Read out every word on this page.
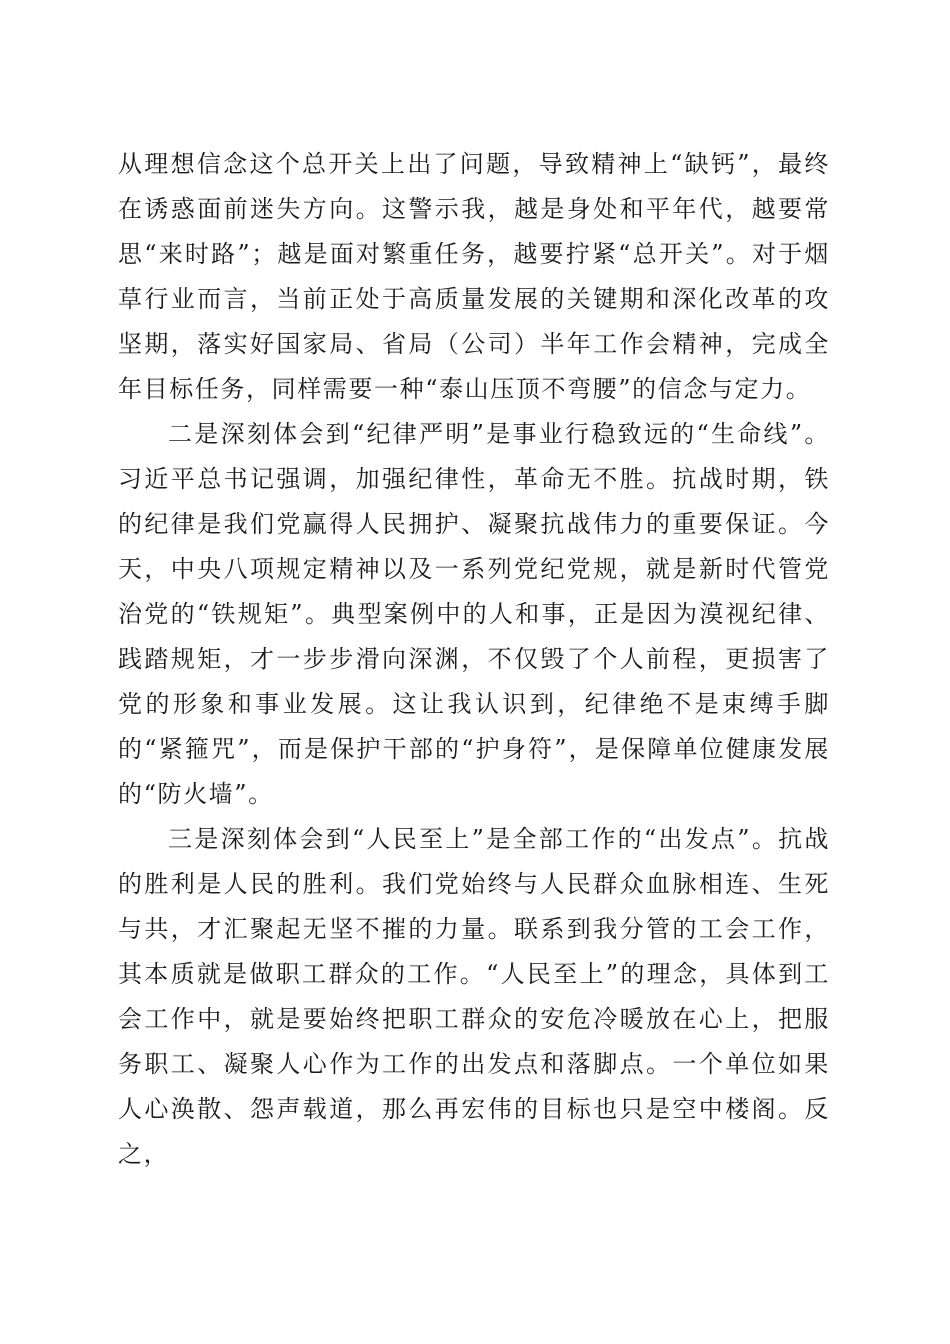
从理想信念这个总开关上出了问题，导致精神上“缺钙”，最终在诱惑面前迷失方向。这警示我，越是身处和平年代，越要常思“来时路”；越是面对繁重任务，越要拧紧“总开关”。对于烟草行业而言，当前正处于高质量发展的关键期和深化改革的攻坚期，落实好国家局、省局（公司）半年工作会精神，完成全年目标任务，同样需要一种“泰山压顶不弯腰”的信念与定力。

二是深刻体会到“纪律严明”是事业行稳致远的“生命线”。习近平总书记强调，加强纪律性，革命无不胜。抗战时期，铁的纪律是我们党赢得人民拥护、凝聚抗战伟力的重要保证。今天，中央八项规定精神以及一系列党纪党规，就是新时代管党治党的“铁规矩”。典型案例中的人和事，正是因为漠视纪律、践踏规矩，才一步步滑向深渊，不仅毁了个人前程，更损害了党的形象和事业发展。这让我认识到，纪律绝不是束缚手脚的“紧箍咒”，而是保护干部的“护身符”，是保障单位健康发展的“防火墙”。

三是深刻体会到“人民至上”是全部工作的“出发点”。抗战的胜利是人民的胜利。我们党始终与人民群众血脉相连、生死与共，才汇聚起无坚不摧的力量。联系到我分管的工会工作，其本质就是做职工群众的工作。“人民至上”的理念，具体到工会工作中，就是要始终把职工群众的安危冷暖放在心上，把服务职工、凝聚人心作为工作的出发点和落脚点。一个单位如果人心涣散、怨声载道，那么再宏伟的目标也只是空中楼阁。反之，
